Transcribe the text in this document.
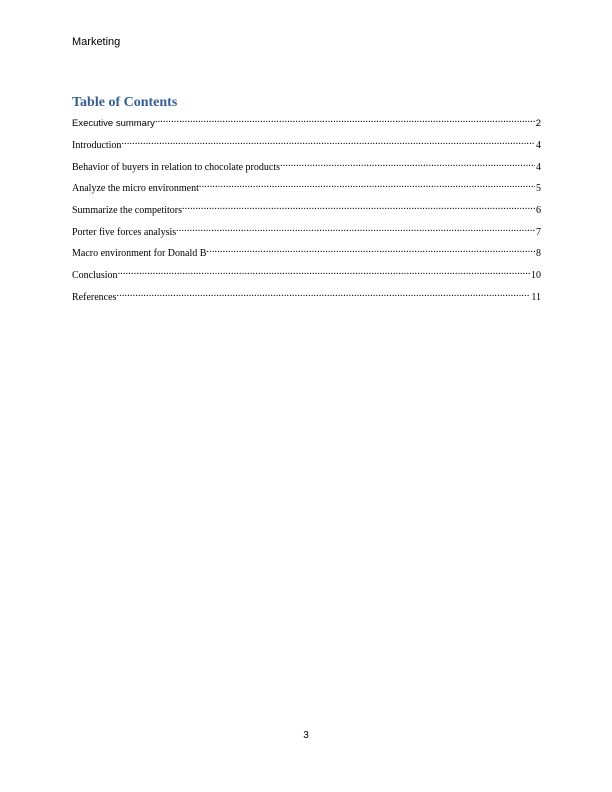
Marketing
Table of Contents
Executive summary .....	2
Introduction .....	4
Behavior of buyers in relation to chocolate products .....	4
Analyze the micro environment .....	5
Summarize the competitors .....	6
Porter five forces analysis .....	7
Macro environment for Donald B .....	8
Conclusion .....	10
References .....	11
3
